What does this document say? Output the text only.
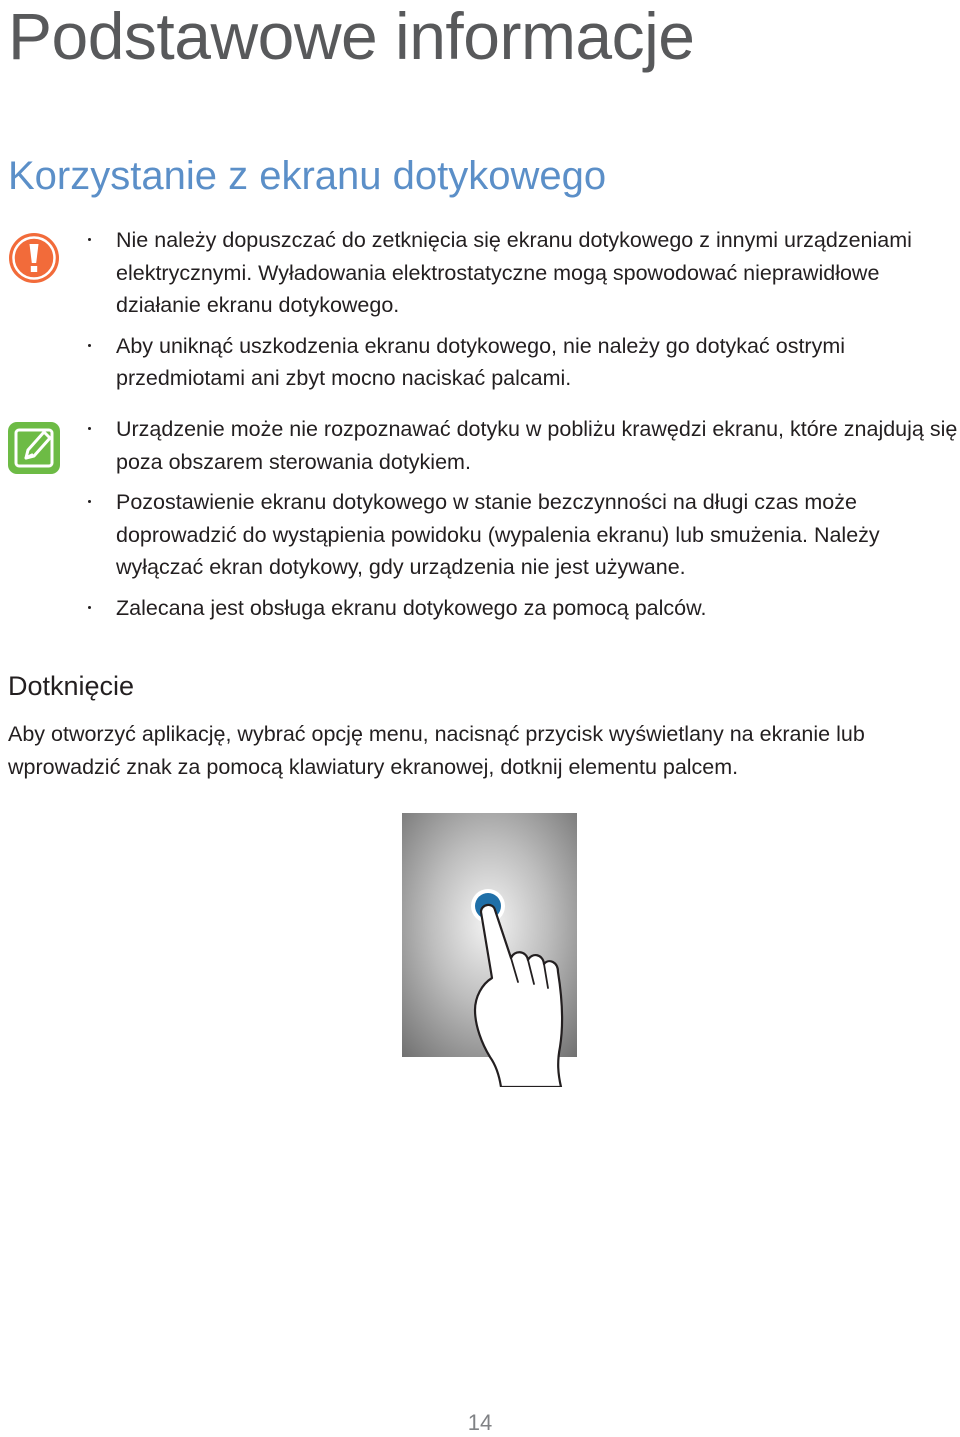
Podstawowe informacje
Korzystanie z ekranu dotykowego
Nie należy dopuszczać do zetknięcia się ekranu dotykowego z innymi urządzeniami elektrycznymi. Wyładowania elektrostatyczne mogą spowodować nieprawidłowe działanie ekranu dotykowego.
Aby uniknąć uszkodzenia ekranu dotykowego, nie należy go dotykać ostrymi przedmiotami ani zbyt mocno naciskać palcami.
Urządzenie może nie rozpoznawać dotyku w pobliżu krawędzi ekranu, które znajdują się poza obszarem sterowania dotykiem.
Pozostawienie ekranu dotykowego w stanie bezczynności na długi czas może doprowadzić do wystąpienia powidoku (wypalenia ekranu) lub smużenia. Należy wyłączać ekran dotykowy, gdy urządzenia nie jest używane.
Zalecana jest obsługa ekranu dotykowego za pomocą palców.
Dotknięcie

Aby otworzyć aplikację, wybrać opcję menu, nacisnąć przycisk wyświetlany na ekranie lub wprowadzić znak za pomocą klawiatury ekranowej, dotknij elementu palcem.

14
